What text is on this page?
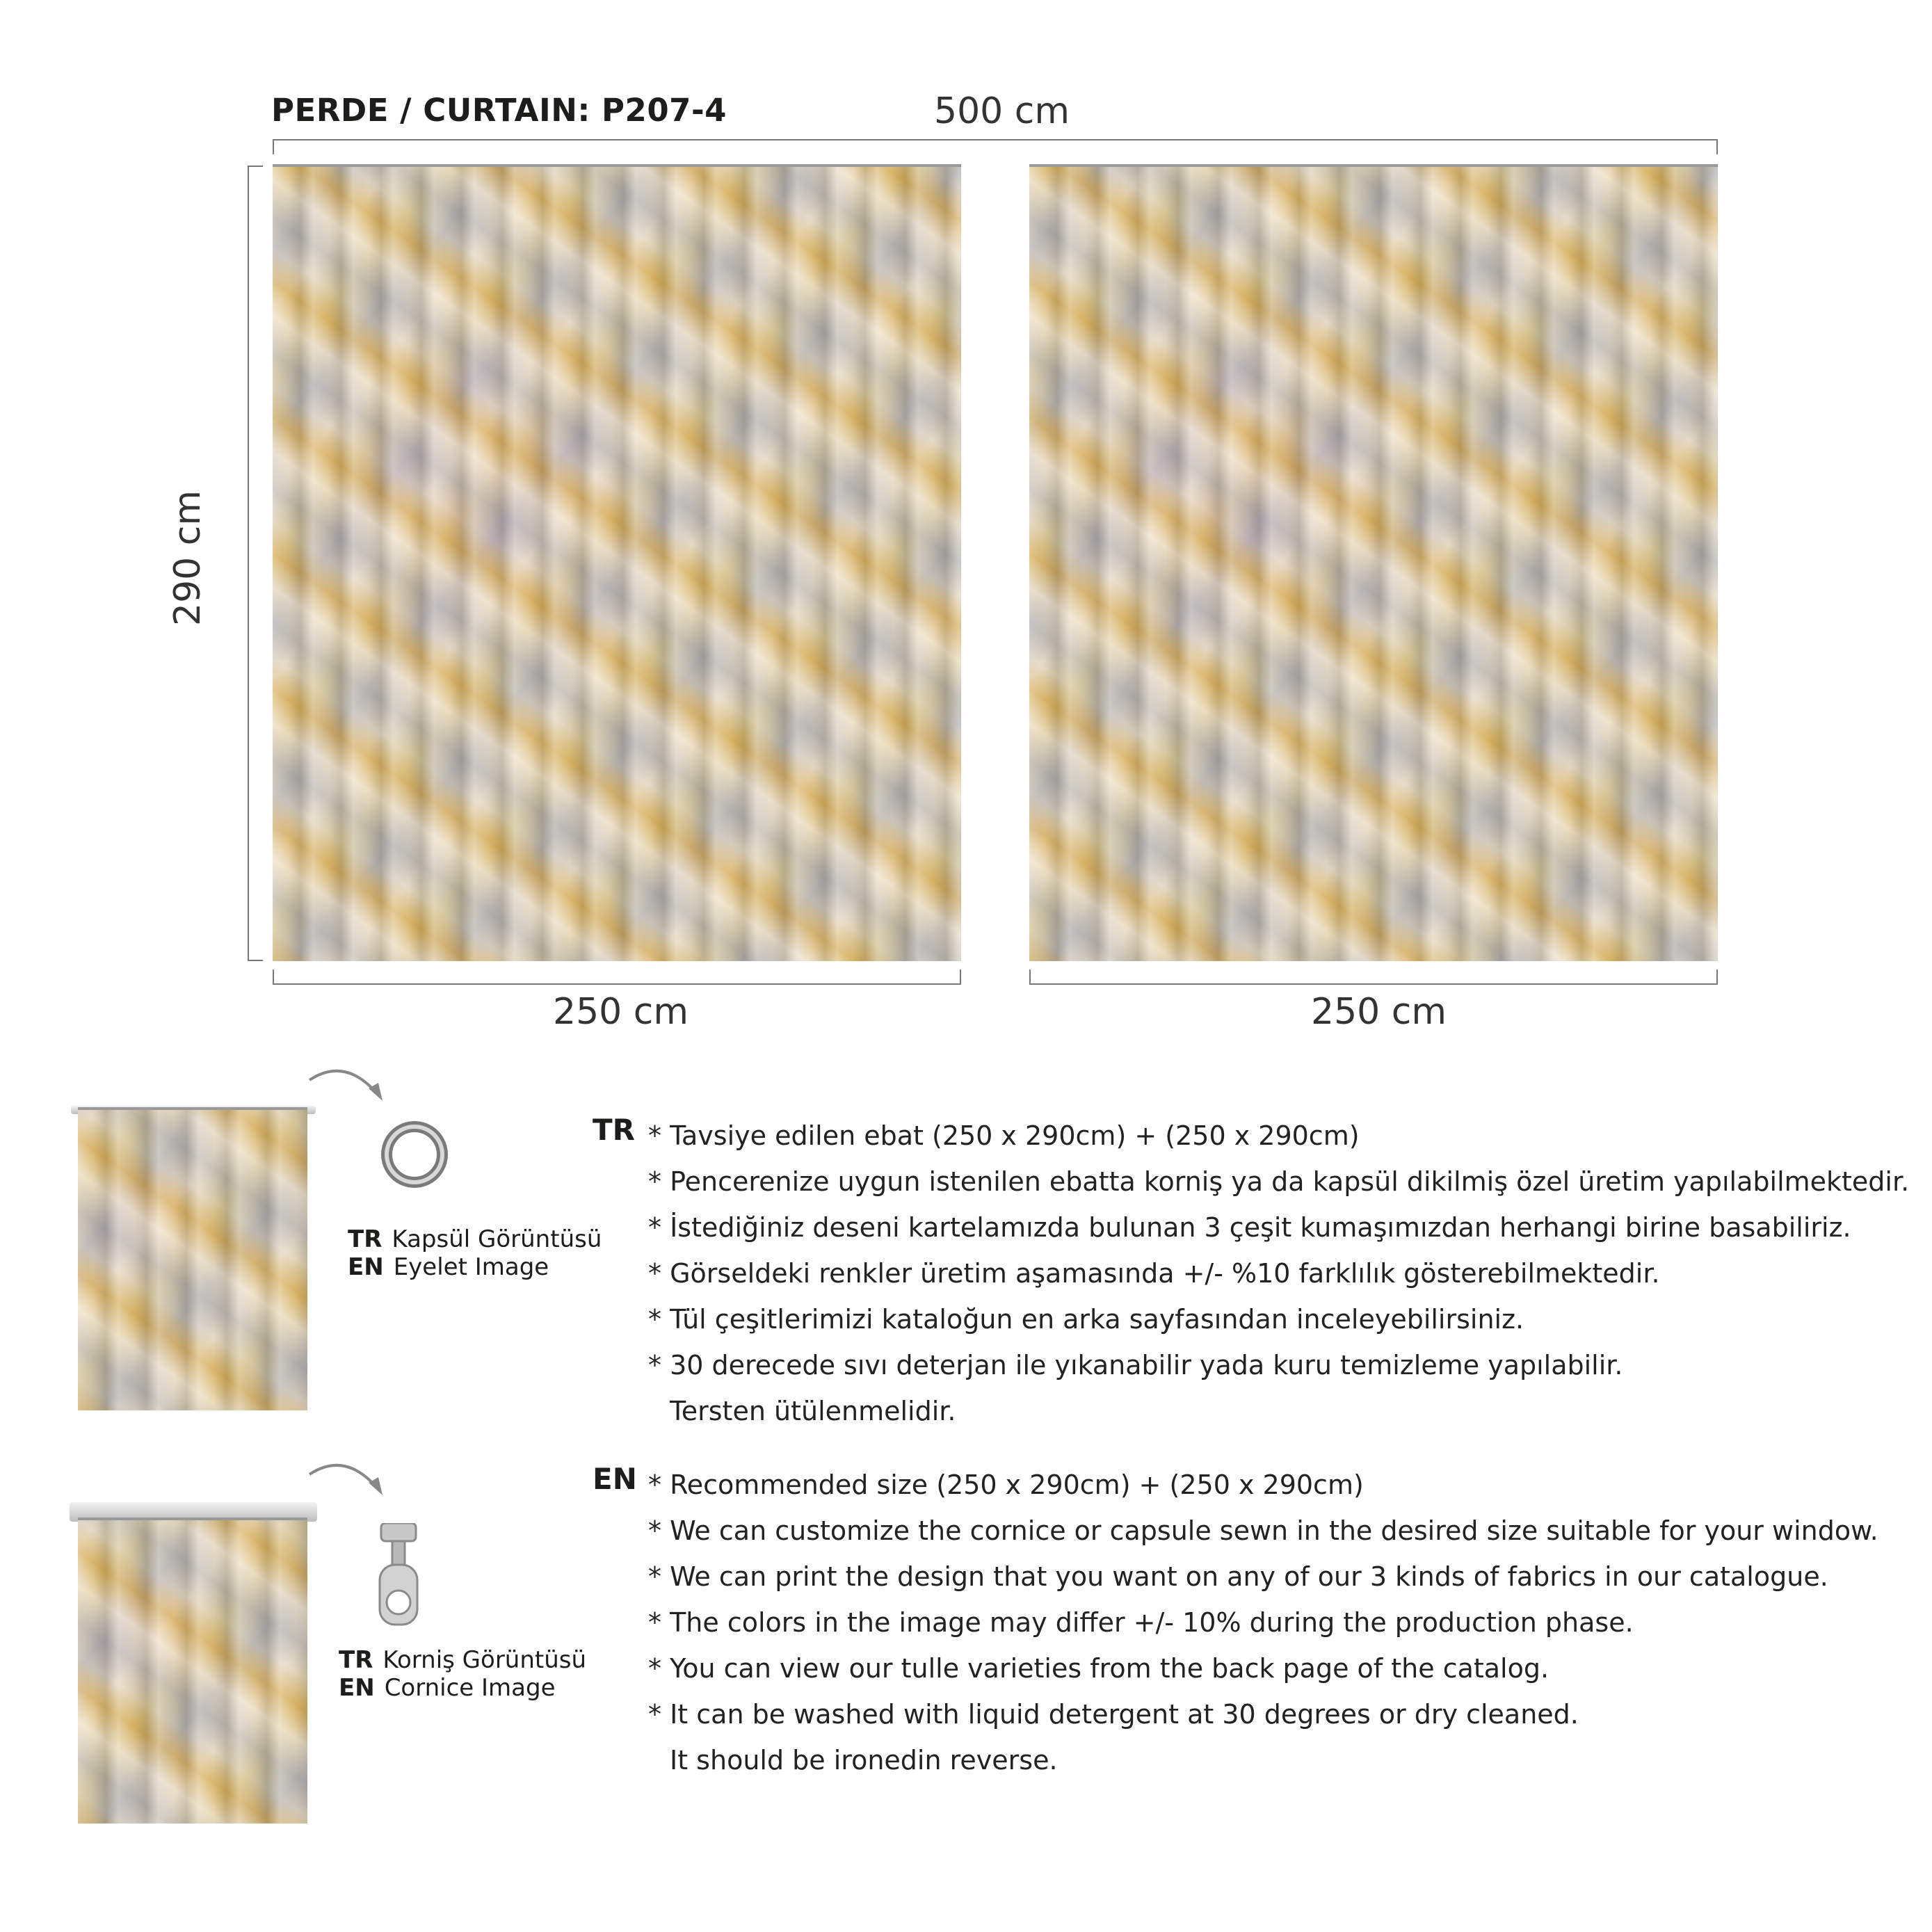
PERDE / CURTAIN: P207-4	500 cm
290 cm
250 cm	250 cm
TR Kapsül Görüntüsü
EN Eyelet Image
TR Korniş Görüntüsü
EN Cornice Image
TR * Tavsiye edilen ebat (250 x 290cm) + (250 x 290cm)
* Pencerenize uygun istenilen ebatta korniş ya da kapsül dikilmiş özel üretim yapılabilmektedir.
* İstediğiniz deseni kartelamızda bulunan 3 çeşit kumaşımızdan herhangi birine basabiliriz.
* Görseldeki renkler üretim aşamasında +/- %10 farklılık gösterebilmektedir.
* Tül çeşitlerimizi kataloğun en arka sayfasından inceleyebilirsiniz.
* 30 derecede sıvı deterjan ile yıkanabilir yada kuru temizleme yapılabilir.
Tersten ütülenmelidir.
EN * Recommended size (250 x 290cm) + (250 x 290cm)
* We can customize the cornice or capsule sewn in the desired size suitable for your window.
* We can print the design that you want on any of our 3 kinds of fabrics in our catalogue.
* The colors in the image may differ +/- 10% during the production phase.
* You can view our tulle varieties from the back page of the catalog.
* It can be washed with liquid detergent at 30 degrees or dry cleaned.
It should be ironedin reverse.
